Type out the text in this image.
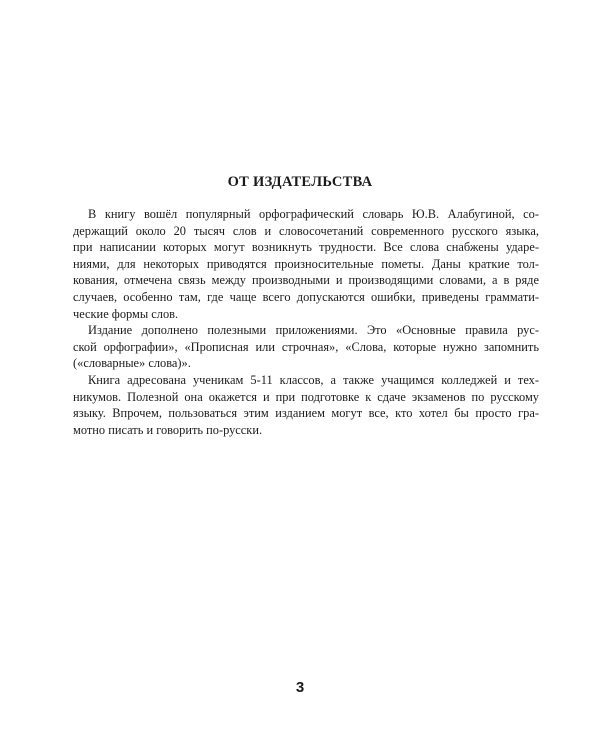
ОТ ИЗДАТЕЛЬСТВА

В книгу вошёл популярный орфографический словарь Ю.В. Алабугиной, со-
держащий около 20 тысяч слов и словосочетаний современного русского языка,
при написании которых могут возникнуть трудности. Все слова снабжены ударе-
ниями, для некоторых приводятся произносительные пометы. Даны краткие тол-
кования, отмечена связь между производными и производящими словами, а в ряде
случаев, особенно там, где чаще всего допускаются ошибки, приведены граммати-
ческие формы слов.

Издание дополнено полезными приложениями. Это «Основные правила рус-
ской орфографии», «Прописная или строчная», «Слова, которые нужно запомнить
(«словарные» слова)».

Книга адресована ученикам 5-11 классов, а также учащимся колледжей и тех-
никумов. Полезной она окажется и при подготовке к сдаче экзаменов по русскому
языку. Впрочем, пользоваться этим изданием могут все, кто хотел бы просто гра-
мотно писать и говорить по-русски.

3
